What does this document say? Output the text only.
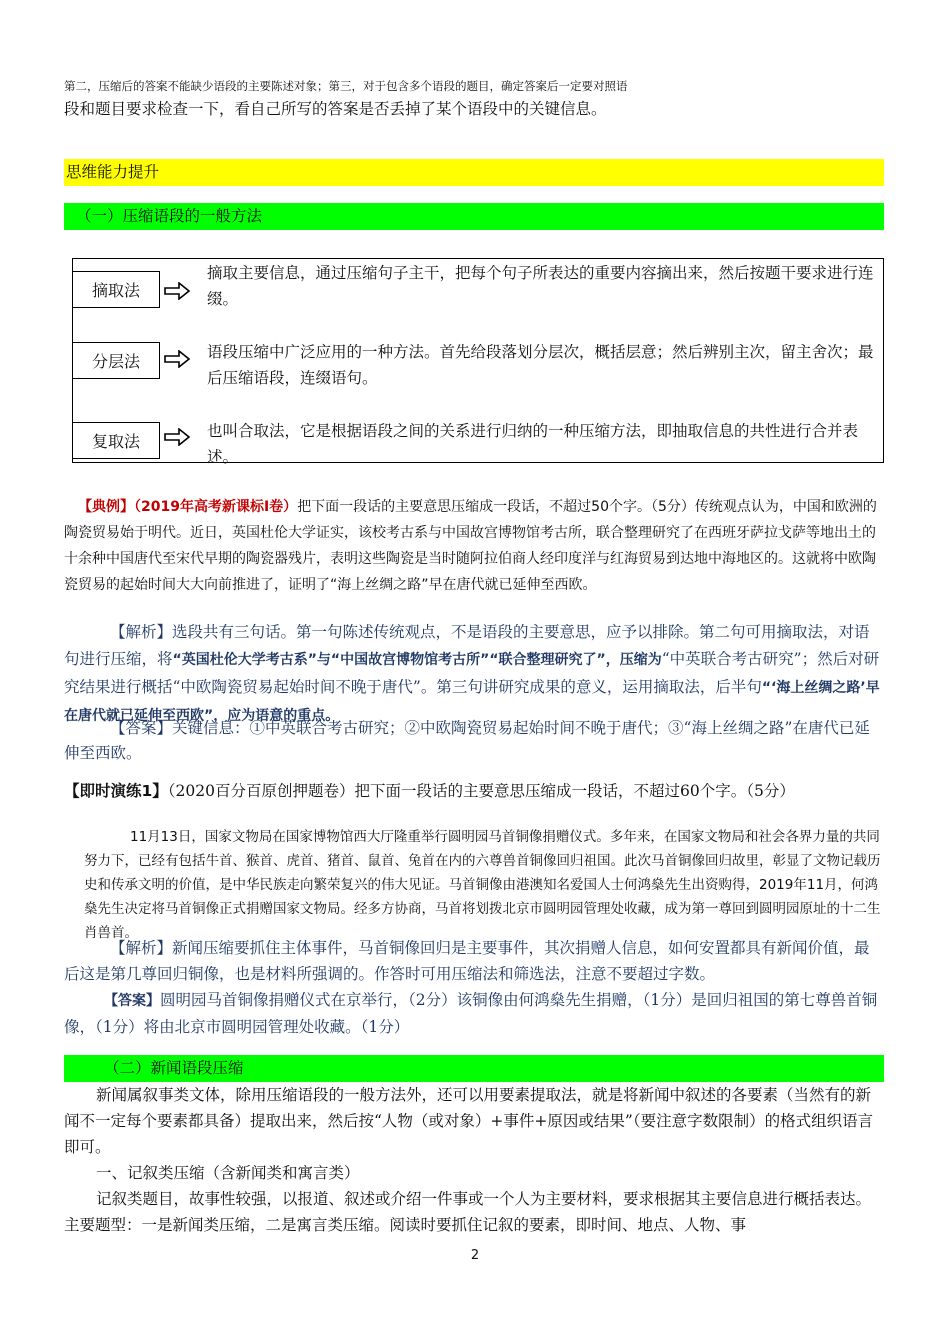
第二，压缩后的答案不能缺少语段的主要陈述对象；第三，对于包含多个语段的题目，确定答案后一定要对照语
段和题目要求检查一下，看自己所写的答案是否丢掉了某个语段中的关键信息。
思维能力提升
（一）压缩语段的一般方法
摘取法
摘取主要信息，通过压缩句子主干，把每个句子所表达的重要内容摘出来，然后按题干要求进行连缀。
分层法	语段压缩中广泛应用的一种方法。首先给段落划分层次，概括层意；然后辨别主次，留主舍次；最后压缩语段，连缀语句。
复取法
也叫合取法，它是根据语段之间的关系进行归纳的一种压缩方法，即抽取信息的共性进行合并表述。
【典例】（2019年高考新课标Ⅰ卷）把下面一段话的主要意思压缩成一段话，不超过50个字。（5分）传统观点认为，中国和欧洲的陶瓷贸易始于明代。近日，英国杜伦大学证实，该校考古系与中国故宫博物馆考古所，联合整理研究了在西班牙萨拉戈萨等地出土的十余种中国唐代至宋代早期的陶瓷器残片，表明这些陶瓷是当时随阿拉伯商人经印度洋与红海贸易到达地中海地区的。这就将中欧陶瓷贸易的起始时间大大向前推进了，证明了“海上丝绸之路”早在唐代就已延伸至西欧。
【解析】选段共有三句话。第一句陈述传统观点，不是语段的主要意思，应予以排除。第二句可用摘取法，对语句进行压缩，将“英国杜伦大学考古系”与“中国故宫博物馆考古所”“联合整理研究了”，压缩为“中英联合考古研究”；然后对研究结果进行概括“中欧陶瓷贸易起始时间不晚于唐代”。第三句讲研究成果的意义，运用摘取法，后半句“‘海上丝绸之路’早在唐代就已延伸至西欧”，应为语意的重点。
【答案】关键信息：①中英联合考古研究；②中欧陶瓷贸易起始时间不晚于唐代；③“海上丝绸之路”在唐代已延伸至西欧。
【即时演练1】（2020百分百原创押题卷）把下面一段话的主要意思压缩成一段话，不超过60个字。（5分）
11月13日，国家文物局在国家博物馆西大厅隆重举行圆明园马首铜像捐赠仪式。多年来，在国家文物局和社会各界力量的共同努力下，已经有包括牛首、猴首、虎首、猪首、鼠首、兔首在内的六尊兽首铜像回归祖国。此次马首铜像回归故里，彰显了文物记载历史和传承文明的价值，是中华民族走向繁荣复兴的伟大见证。马首铜像由港澳知名爱国人士何鸿燊先生出资购得，2019年11月，何鸿燊先生决定将马首铜像正式捐赠国家文物局。经多方协商，马首将划拨北京市圆明园管理处收藏，成为第一尊回到圆明园原址的十二生肖兽首。
【解析】新闻压缩要抓住主体事件，马首铜像回归是主要事件，其次捐赠人信息，如何安置都具有新闻价值，最后这是第几尊回归铜像，也是材料所强调的。作答时可用压缩法和筛选法，注意不要超过字数。
【答案】圆明园马首铜像捐赠仪式在京举行，（2分）该铜像由何鸿燊先生捐赠，（1分）是回归祖国的第七尊兽首铜像，（1分）将由北京市圆明园管理处收藏。（1分）
（二）新闻语段压缩
新闻属叙事类文体，除用压缩语段的一般方法外，还可以用要素提取法，就是将新闻中叙述的各要素（当然有的新闻不一定每个要素都具备）提取出来，然后按“人物（或对象）+事件+原因或结果”（要注意字数限制）的格式组织语言即可。
一、记叙类压缩（含新闻类和寓言类）
记叙类题目，故事性较强，以报道、叙述或介绍一件事或一个人为主要材料，要求根据其主要信息进行概括表达。主要题型：一是新闻类压缩，二是寓言类压缩。阅读时要抓住记叙的要素，即时间、地点、人物、事
2
